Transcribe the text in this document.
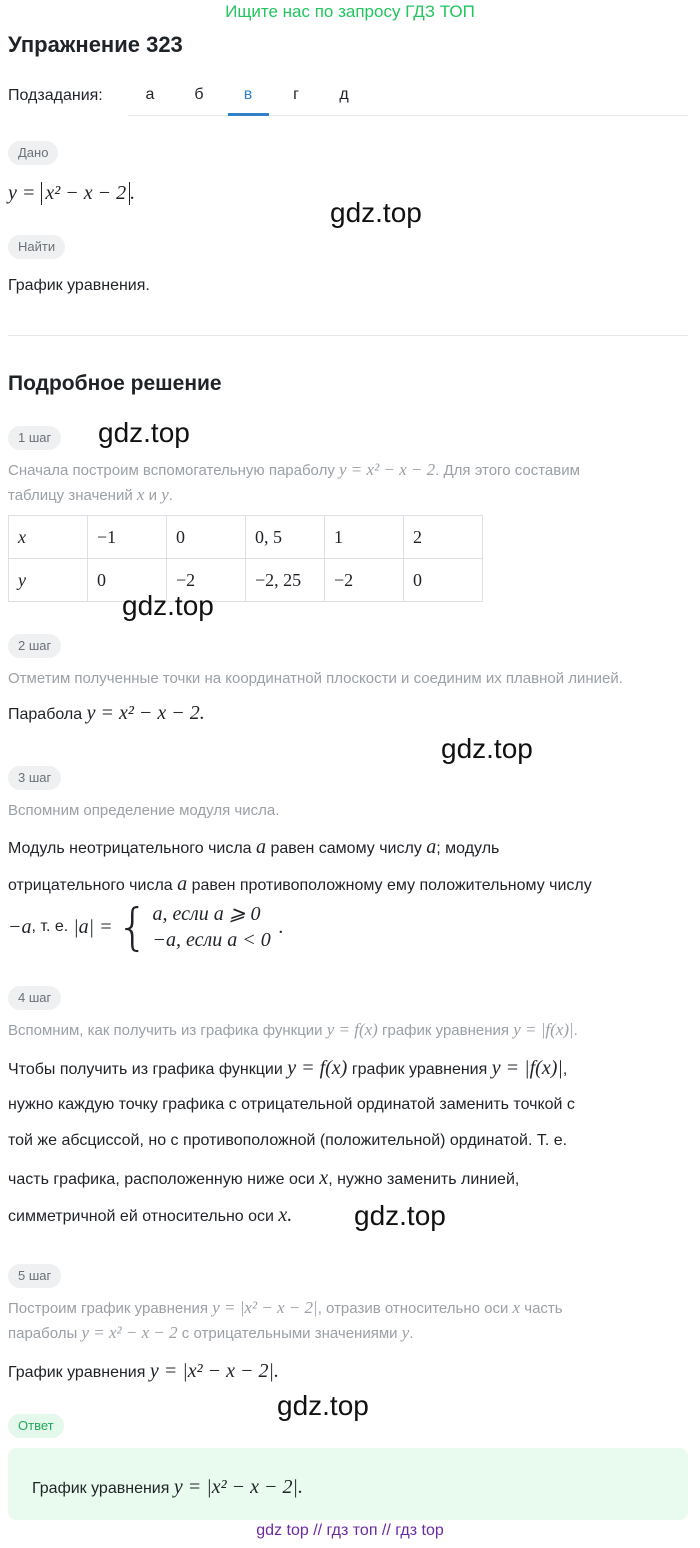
Ищите нас по запросу ГДЗ ТОП
Упражнение 323
Подзадания:	а	б	в	г	д
Дано
y = x² − x − 2 .
gdz.top
Найти
График уравнения.
Подробное решение
1 шаг	gdz.top
Сначала построим вспомогательную параболу y = x² − x − 2. Для этого составим
таблицу значений x и y.
x	−1	0	0, 5	1	2
y	0	−2	−2, 25	−2	0
gdz.top
2 шаг
Отметим полученные точки на координатной плоскости и соединим их плавной линией.
Парабола y = x² − x − 2.
gdz.top
3 шаг
Вспомним определение модуля числа.
Модуль неотрицательного числа a равен самому числу a; модуль
отрицательного числа a равен противоположному ему положительному числу
−a , т. е. |a| = { a, если a ⩾ 0
−a, если a < 0
.
4 шаг
Вспомним, как получить из графика функции y = f(x) график уравнения y = |f(x)|.
Чтобы получить из графика функции y = f(x) график уравнения y = |f(x)|,
нужно каждую точку графика с отрицательной ординатой заменить точкой с
той же абсциссой, но с противоположной (положительной) ординатой. Т. е.
часть графика, расположенную ниже оси x, нужно заменить линией,
симметричной ей относительно оси x. gdz.top
5 шаг
Построим график уравнения y = |x² − x − 2|, отразив относительно оси x часть
параболы y = x² − x − 2 с отрицательными значениями y.
График уравнения y = |x² − x − 2|.
gdz.top
Ответ
График уравнения y = |x² − x − 2|.
gdz top // гдз топ // гдз top
